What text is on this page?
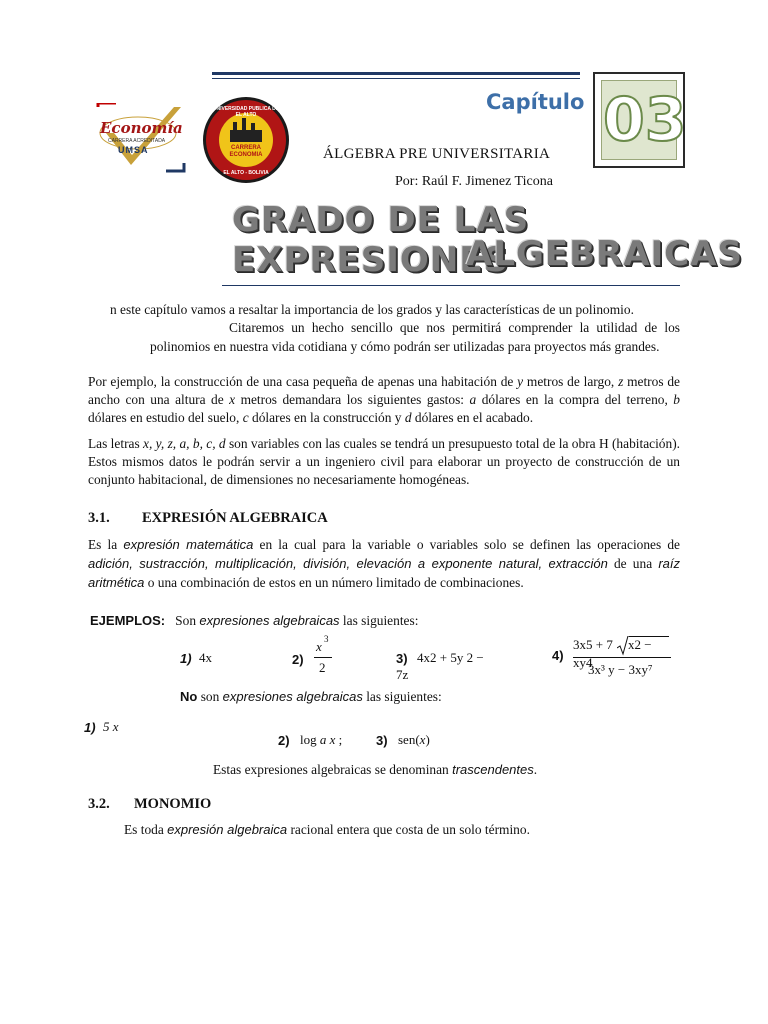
Economía
CARRERA ACREDITADA
UMSA
UNIVERSIDAD PUBLICA DE EL ALTO
CARRERA
ECONOMIA
EL ALTO - BOLIVIA
Capítulo 03
ÁLGEBRA PRE UNIVERSITARIA
Por: Raúl F. Jimenez Ticona
GRADO DE LAS EXPRESIONES
ALGEBRAICAS
n este capítulo vamos a resaltar la importancia de los grados y las características de un polinomio.
Citaremos un hecho sencillo que nos permitirá comprender la utilidad de los
polinomios en nuestra vida cotidiana y cómo podrán ser utilizadas para proyectos más grandes.
Por ejemplo, la construcción de una casa pequeña de apenas una habitación de y metros de largo, z metros de ancho con una altura de x metros demandara los siguientes gastos: a dólares en la compra del terreno, b dólares en estudio del suelo, c dólares en la construcción y d dólares en el acabado.
Las letras x, y, z, a, b, c, d son variables con las cuales se tendrá un presupuesto total de la obra H (habitación). Estos mismos datos le podrán servir a un ingeniero civil para elaborar un proyecto de construcción de un conjunto habitacional, de dimensiones no necesariamente homogéneas.
3.1. EXPRESIÓN ALGEBRAICA
Es la expresión matemática en la cual para la variable o variables solo se definen las operaciones de adición, sustracción, multiplicación, división, elevación a exponente natural, extracción de una raíz aritmética o una combinación de estos en un número limitado de combinaciones.
EJEMPLOS: Son expresiones algebraicas las siguientes:
1) 4x	2)
x 3
2
3) 4x2 + 5y 2 −
7z
4)
3x5 + 7 x2 −
xy4
3x³ y − 3xy⁷
No son expresiones algebraicas las siguientes:
1) 5 x
2) log a x ;	3) sen(x)
Estas expresiones algebraicas se denominan trascendentes.
3.2. MONOMIO
Es toda expresión algebraica racional entera que costa de un solo término.
